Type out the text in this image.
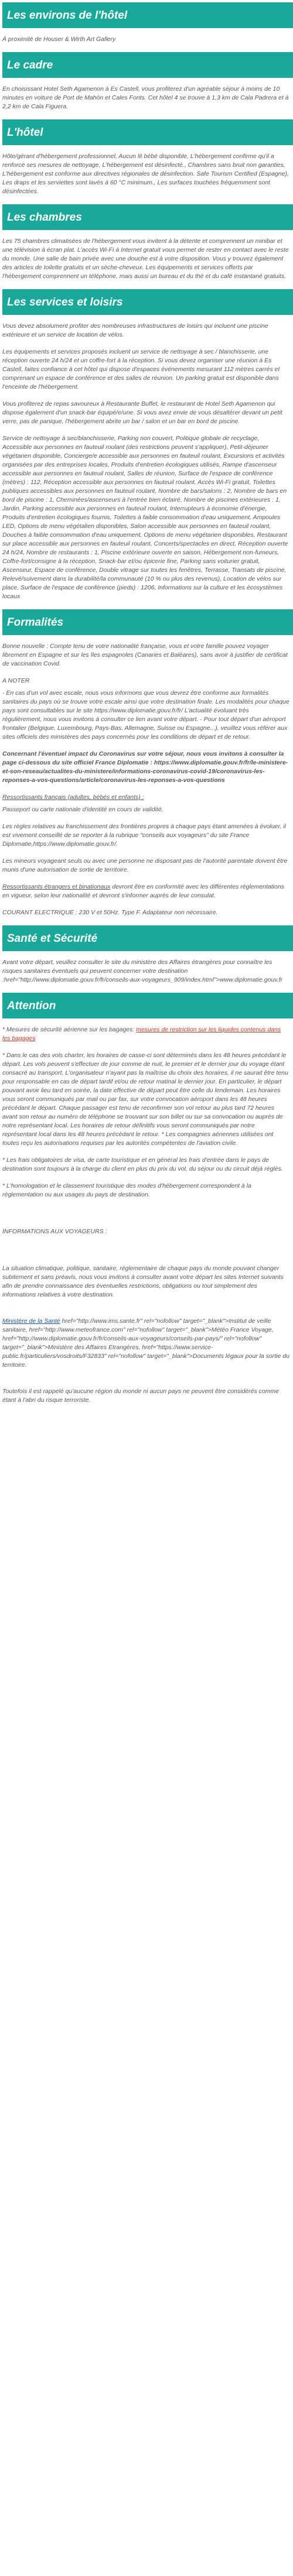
Les environs de l'hôtel

À proximité de Houser & Wirth Art Gallery

Le cadre

En choisissant Hotel Seth Agamenon à Es Castell, vous profiterez d'un agréable séjour à moins de 10 minutes en voiture de Port de Mahón et Cales Fonts. Cet hôtel 4 se trouve à 1,3 km de Cala Padrera et à 2,2 km de Cala Figuera.

L'hôtel

Hôte/gérant d'hébergement professionnel, Aucun lit bébé disponible, L'hébergement confirme qu'il a renforcé ses mesures de nettoyage, L'hébergement est désinfecté., Chambres sans bruit non garanties, L'hébergement est conforme aux directives régionales de désinfection. Safe Tourism Certified (Espagne), Les draps et les serviettes sont lavés à 60 °C minimum., Les surfaces touchées fréquemment sont désinfectées.

Les chambres

Les 75 chambres climatisées de l'hébergement vous invitent à la détente et comprennent un minibar et une télévision à écran plat. L'accès Wi-Fi à Internet gratuit vous permet de rester en contact avec le reste du monde. Une salle de bain privée avec une douche est à votre disposition. Vous y trouvez également des articles de toilette gratuits et un sèche-cheveux. Les équipements et services offerts par l'hébergement comprennent un téléphone, mais aussi un bureau et du thé et du café instantané gratuits.

Les services et loisirs

Vous devez absolument profiter des nombreuses infrastructures de loisirs qui incluent une piscine extérieure et un service de location de vélos.

Les équipements et services proposés incluent un service de nettoyage à sec / blanchisserie, une réception ouverte 24 h/24 et un coffre-fort à la réception. Si vous devez organiser une réunion à Es Castell, faites confiance à cet hôtel qui dispose d'espaces événements mesurant 112 mètres carrés et comprenant un espace de conférence et des salles de réunion. Un parking gratuit est disponible dans l'enceinte de l'hébergement.

Vous profiterez de repas savoureux à Restaurante Buffet, le restaurant de Hotel Seth Agamenon qui dispose également d'un snack-bar équipé/e/une. Si vous avez envie de vous désaltérer devant un petit verre, pas de panique, l'hébergement abrite un bar / salon et un bar en bord de piscine.

Service de nettoyage à sec/blanchisserie, Parking non couvert, Politique globale de recyclage, Accessible aux personnes en fauteuil roulant (des restrictions peuvent s'appliquer), Petit-déjeuner végétarien disponible, Concierge/e accessible aux personnes en fauteuil roulant, Excursions et activités organisées par des entreprises locales, Produits d'entretien écologiques utilisés, Rampe d'ascenseur accessible aux personnes en fauteuil roulant, Salles de réunion, Surface de l'espace de conférence (mètres) : 112, Réception accessible aux personnes en fauteuil roulant, Accès Wi-Fi gratuit, Toilettes publiques accessibles aux personnes en fauteuil roulant, Nombre de bars/salons : 2, Nombre de bars en bord de piscine : 1, Cheminées/ascenseurs à l'entrée bien éclairé, Nombre de piscines extérieures : 1, Jardin, Parking accessible aux personnes en fauteuil roulant, Interrupteurs à économie d'énergie, Produits d'entretien écologiques fournis, Toilettes à faible consommation d'eau uniquement, Ampoules LED, Options de menu végétalien disponibles, Salon accessible aux personnes en fauteuil roulant, Douches à faible consommation d'eau uniquement, Options de menu végétarien disponibles, Restaurant sur place accessible aux personnes en fauteuil roulant, Concerts/spectacles en direct, Réception ouverte 24 h/24, Nombre de restaurants : 1, Piscine extérieure ouverte en saison, Hébergement non-fumeurs, Coffre-fort/consigne à la réception, Snack-bar et/ou épicerie fine, Parking sans voiturier gratuit, Ascenseur, Espace de conférence, Double vitrage sur toutes les fenêtres, Terrasse, Transats de piscine, Relevé/suivement dans la durabilité/la communauté (10 % ou plus des revenus), Location de vélos sur place, Surface de l'espace de conférence (pieds) : 1206, Informations sur la culture et les écosystèmes locaux

Formalités

Bonne nouvelle : Compte tenu de votre nationalité française, vous et votre famille pouvez voyager librement en Espagne et sur les îles espagnoles (Canaries et Baléares), sans avoir à justifier de certificat de vaccination Covid.

A NOTER

- En cas d'un vol avec escale, nous vous informons que vous devrez être conforme aux formalités sanitaires du pays où se trouve votre escale ainsi que votre destination finale. Les modalités pour chaque pays sont consultables sur le site https://www.diplomatie.gouv.fr/fr/ L'actualité évoluant très régulièrement, nous vous invitons à consulter ce lien avant votre départ. - Pour tout départ d'un aéroport frontalier (Belgique, Luxembourg, Pays-Bas, Allemagne, Suisse ou Espagne...), veuillez vous référer aux sites officiels des ministères des pays concernés pour les conditions de départ et de retour.

Concernant l'éventuel impact du Coronavirus sur votre séjour, nous vous invitons à consulter la page ci-dessous du site officiel France Diplomatie : https://www.diplomatie.gouv.fr/fr/le-ministere-et-son-reseau/actualites-du-ministere/informations-coronavirus-covid-19/coronavirus-les-reponses-a-vos-questions/article/coronavirus-les-reponses-a-vos-questions

Ressortissants français (adultes, bébés et enfants) :

Passeport ou carte nationale d'identité en cours de validité.

Les règles relatives au franchissement des frontières propres à chaque pays étant amenées à évoluer, il est vivement conseillé de se reporter à la rubrique "conseils aux voyageurs" du site France Diplomatie,https://www.diplomatie.gouv.fr/.

Les mineurs voyageant seuls ou avec une personne ne disposant pas de l'autorité parentale doivent être munis d'une autorisation de sortie de territoire.

Ressortissants étrangers et binationaux devront être en conformité avec les différentes réglementations en vigueur, selon leur nationalité et devront s'informer auprès de leur consulat.

COURANT ELECTRIQUE : 230 V et 50Hz. Type F. Adaptateur non nécessaire.

Santé et Sécurité

Avant votre départ, veuillez consulter le site du ministère des Affaires étrangères pour connaître les risques sanitaires éventuels qui peuvent concerner votre destination :href="http://www.diplomatie.gouv.fr/fr/conseils-aux-voyageurs_909/index.html">www.diplomatie.gouv.fr

Attention

* Mesures de sécurité aérienne sur les bagages: mesures de restriction sur les liquides contenus dans les bagages

* Dans le cas des vols charter, les horaires de casse-ci sont déterminés dans les 48 heures précédant le départ. Les vols peuvent s'effectuer de jour comme de nuit, le premier et le dernier jour du voyage étant consacré au transport. L'organisateur n'ayant pas la maîtrise du choix des horaires, il ne saurait être tenu pour responsable en cas de départ tardif et/ou de retour matinal le dernier jour. En particulier, le départ pouvant avoir lieu tard en soirée, la date effective de départ peut être celle du lendemain. Les horaires vous seront communiqués par mail ou par fax, sur votre convocation aéroport dans les 48 heures précédant le départ. Chaque passager est tenu de reconfirmer son vol retour au plus tard 72 heures avant son retour au numéro de téléphone se trouvant sur son billet ou sur sa convocation ou auprès de notre représentant local. Les horaires de retour définitifs vous seront communiqués par notre représentant local dans les 48 heures précédant le retour. * Les compagnies aériennes utilisées ont toutes reçu les autorisations requises par les autorités compétentes de l'aviation civile.

* Les frais obligatoires de visa, de carte touristique et en général les frais d'entrée dans le pays de destination sont toujours à la charge du client en plus du prix du vol, du séjour ou du circuit déjà réglés.

* L'homologation et le classement touristique des modes d'hébergement correspondent à la réglementation ou aux usages du pays de destination.

INFORMATIONS AUX VOYAGEURS :

La situation climatique, politique, sanitaire, réglementaire de chaque pays du monde pouvant changer subitement et sans préavis, nous vous invitons à consulter avant votre départ les sites Internet suivants afin de prendre connaissance des éventuelles restrictions, obligations ou tout simplement des informations relatives à votre destination.

Ministère de la Santé href="http://www.ims.sante.fr" rel="nofollow" target="_blank">Institut de veille sanitaire, href="http://www.meteofrance.com" rel="nofollow" target="_blank">Météo France Voyage, href="http://www.diplomatie.gouv.fr/fr/conseils-aux-voyageurs/conseils-par-pays/" rel="nofollow" target="_blank">Ministère des Affaires Etrangères, href="https://www.service-public.fr/particuliers/vosdroits/F32833" rel="nofollow" target="_blank">Documents légaux pour la sortie du territoire.

Toutefois il est rappelé qu'aucune région du monde ni aucun pays ne peuvent être considérés comme étant à l'abri du risque terroriste.
